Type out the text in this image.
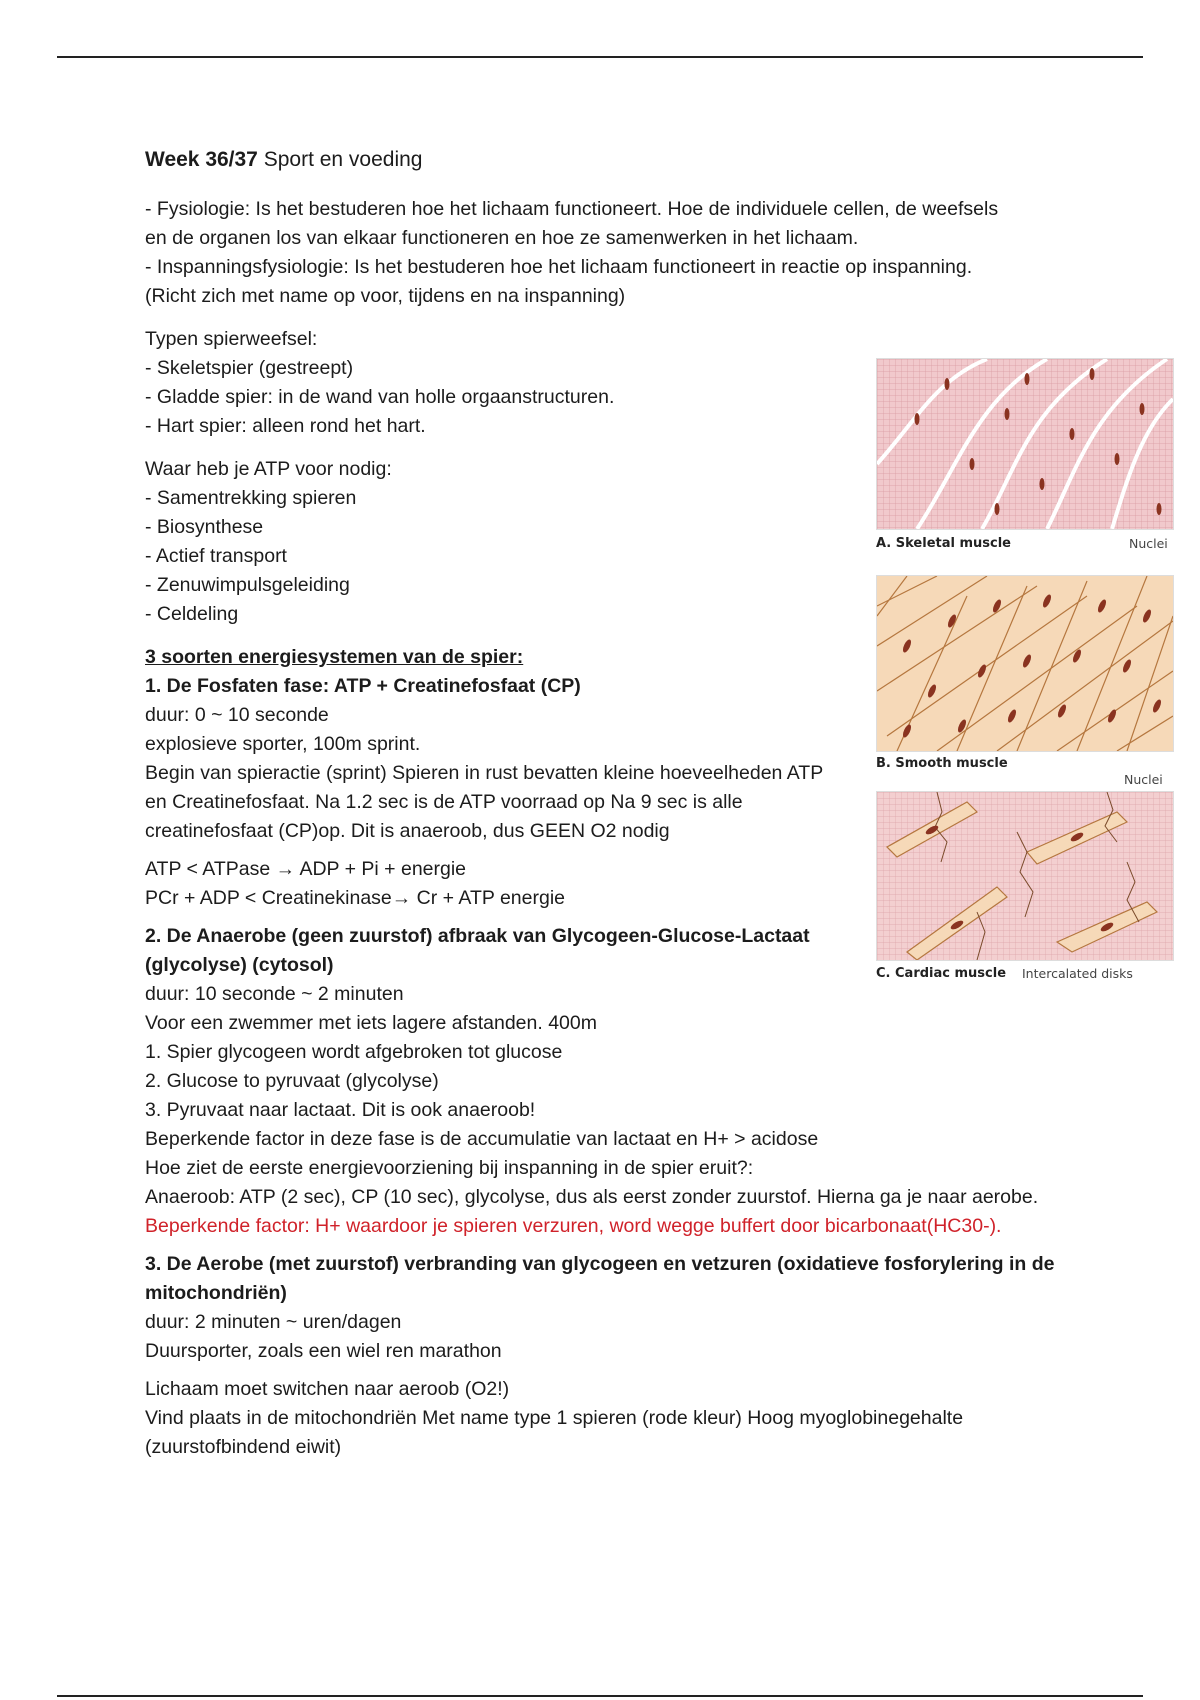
Week 36/37 Sport en voeding
- Fysiologie: Is het bestuderen hoe het lichaam functioneert. Hoe de individuele cellen, de weefsels
en de organen los van elkaar functioneren en hoe ze samenwerken in het lichaam.
- Inspanningsfysiologie: Is het bestuderen hoe het lichaam functioneert in reactie op inspanning.
(Richt zich met name op voor, tijdens en na inspanning)
Typen spierweefsel:
- Skeletspier (gestreept)
- Gladde spier: in de wand van holle orgaanstructuren.
- Hart spier: alleen rond het hart.
Waar heb je ATP voor nodig:
- Samentrekking spieren
- Biosynthese
- Actief transport
- Zenuwimpulsgeleiding
- Celdeling
3 soorten energiesystemen van de spier:
1. De Fosfaten fase: ATP + Creatinefosfaat (CP)
duur: 0 ~ 10 seconde
explosieve sporter, 100m sprint.
Begin van spieractie (sprint) Spieren in rust bevatten kleine hoeveelheden ATP
en Creatinefosfaat. Na 1.2 sec is de ATP voorraad op Na 9 sec is alle
creatinefosfaat (CP)op. Dit is anaeroob, dus GEEN O2 nodig
ATP < ATPase → ADP + Pi + energie
PCr + ADP < Creatinekinase→ Cr + ATP energie
2. De Anaerobe (geen zuurstof) afbraak van Glycogeen-Glucose-Lactaat
(glycolyse) (cytosol)
duur: 10 seconde ~ 2 minuten
Voor een zwemmer met iets lagere afstanden. 400m
1. Spier glycogeen wordt afgebroken tot glucose
2. Glucose to pyruvaat (glycolyse)
3. Pyruvaat naar lactaat. Dit is ook anaeroob!
Beperkende factor in deze fase is de accumulatie van lactaat en H+ > acidose
Hoe ziet de eerste energievoorziening bij inspanning in de spier eruit?:
Anaeroob: ATP (2 sec), CP (10 sec), glycolyse, dus als eerst zonder zuurstof. Hierna ga je naar aerobe.
Beperkende factor: H+ waardoor je spieren verzuren, word wegge buffert door bicarbonaat(HC30-).
3. De Aerobe (met zuurstof) verbranding van glycogeen en vetzuren (oxidatieve fosforylering in de
mitochondriën)
duur: 2 minuten ~ uren/dagen
Duursporter, zoals een wiel ren marathon
Lichaam moet switchen naar aeroob (O2!)
Vind plaats in de mitochondriën Met name type 1 spieren (rode kleur) Hoog myoglobinegehalte
(zuurstofbindend eiwit)
A. Skeletal muscle	Nuclei
B. Smooth muscle
Nuclei
C. Cardiac muscle Intercalated disks
